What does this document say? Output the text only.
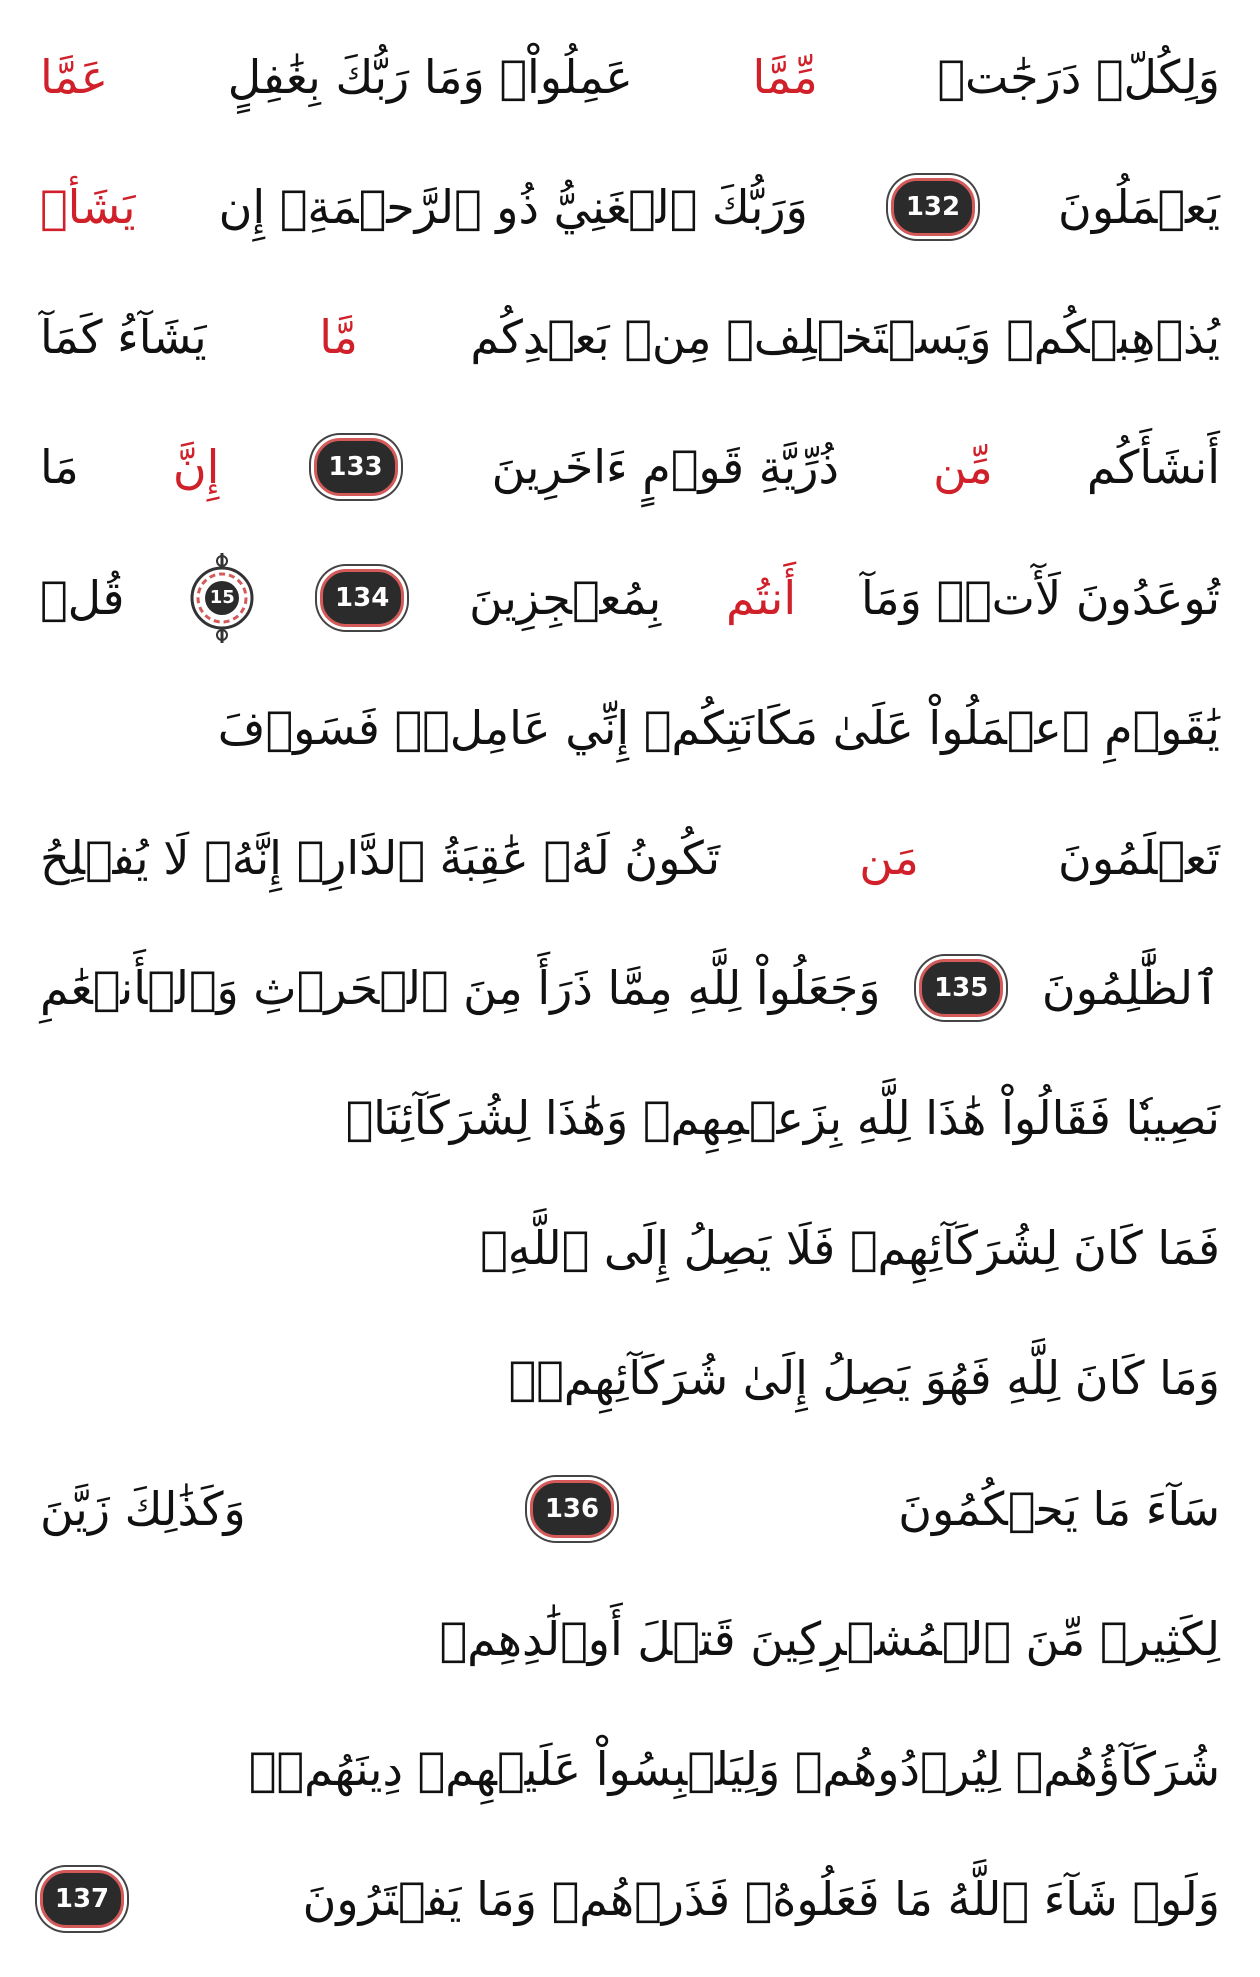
وَلِكُلّٖ دَرَجَٰتٞ
مِّمَّا
عَمِلُواْۚ وَمَا رَبُّكَ بِغَٰفِلٍ
عَمَّا
يَعۡمَلُونَ
132
وَرَبُّكَ ٱلۡغَنِيُّ ذُو ٱلرَّحۡمَةِۚ إِن
يَشَأۡ
يُذۡهِبۡكُمۡ وَيَسۡتَخۡلِفۡ مِنۢ بَعۡدِكُم
مَّا
يَشَآءُ كَمَآ
أَنشَأَكُم
مِّن
ذُرِّيَّةِ قَوۡمٍ ءَاخَرِينَ
133
إِنَّ
مَا
تُوعَدُونَ لَأٓتٖۖ وَمَآ
أَنتُم
بِمُعۡجِزِينَ
134
15
قُلۡ
يَٰقَوۡمِ ٱعۡمَلُواْ عَلَىٰ مَكَانَتِكُمۡ إِنِّي عَامِلٞۖ فَسَوۡفَ
تَعۡلَمُونَ
مَن
تَكُونُ لَهُۥ عَٰقِبَةُ ٱلدَّارِۚ إِنَّهُۥ لَا يُفۡلِحُ
ٱلظَّٰلِمُونَ
135
وَجَعَلُواْ لِلَّهِ مِمَّا ذَرَأَ مِنَ ٱلۡحَرۡثِ وَٱلۡأَنۡعَٰمِ
نَصِيبٗا فَقَالُواْ هَٰذَا لِلَّهِ بِزَعۡمِهِمۡ وَهَٰذَا لِشُرَكَآئِنَاۖ
فَمَا كَانَ لِشُرَكَآئِهِمۡ فَلَا يَصِلُ إِلَى ٱللَّهِۖ
وَمَا كَانَ لِلَّهِ فَهُوَ يَصِلُ إِلَىٰ شُرَكَآئِهِمۡۗ
سَآءَ مَا يَحۡكُمُونَ
136
وَكَذَٰلِكَ زَيَّنَ
لِكَثِيرٖ مِّنَ ٱلۡمُشۡرِكِينَ قَتۡلَ أَوۡلَٰدِهِمۡ
شُرَكَآؤُهُمۡ لِيُرۡدُوهُمۡ وَلِيَلۡبِسُواْ عَلَيۡهِمۡ دِينَهُمۡۖ
وَلَوۡ شَآءَ ٱللَّهُ مَا فَعَلُوهُۖ فَذَرۡهُمۡ وَمَا يَفۡتَرُونَ
137
